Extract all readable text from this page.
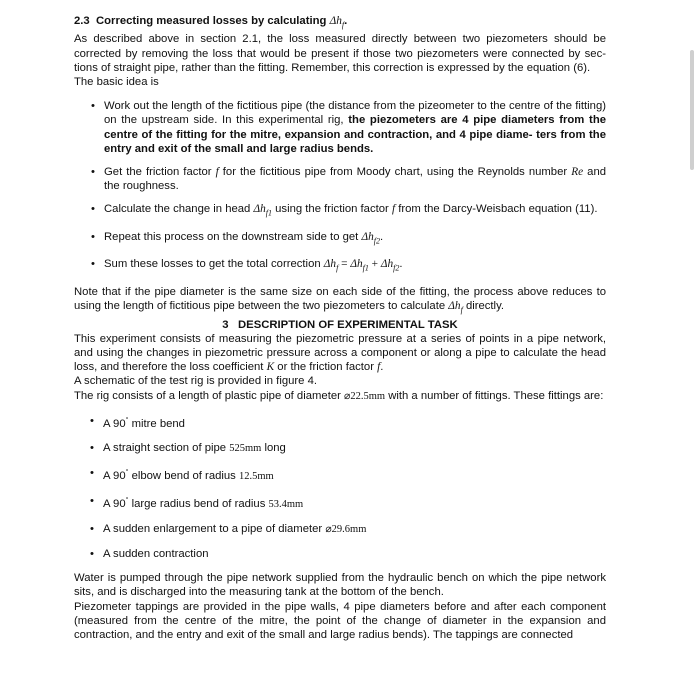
2.3 Correcting measured losses by calculating $\Delta h_f$.

As described above in section 2.1, the loss measured directly between two piezometers should be corrected by removing the loss that would be present if those two piezometers were connected by sec- tions of straight pipe, rather than the fitting. Remember, this correction is expressed by the equation (6).

The basic idea is

• Work out the length of the fictitious pipe (the distance from the pizeometer to the centre of the fitting) on the upstream side. In this experimental rig, the piezometers are 4 pipe diameters from the centre of the fitting for the mitre, expansion and contraction, and 4 pipe diame- ters from the entry and exit of the small and large radius bends.
• Get the friction factor f for the fictitious pipe from Moody chart, using the Reynolds number Re and the roughness.
• Calculate the change in head $\Delta h_{f1}$ using the friction factor f from the Darcy-Weisbach equation (11).
• Repeat this process on the downstream side to get $\Delta h_{f2}$.
• Sum these losses to get the total correction $\Delta h_f = \Delta h_{f1} + \Delta h_{f2}$.

Note that if the pipe diameter is the same size on each side of the fitting, the process above reduces to using the length of fictitious pipe between the two piezometers to calculate $\Delta h_f$ directly.

3   DESCRIPTION OF EXPERIMENTAL TASK

This experiment consists of measuring the piezometric pressure at a series of points in a pipe network, and using the changes in piezometric pressure across a component or along a pipe to calculate the head loss, and therefore the loss coefficient K or the friction factor f.

A schematic of the test rig is provided in figure 4.

The rig consists of a length of plastic pipe of diameter ⌀22.5mm with a number of fittings. These fittings are:

• A 90° mitre bend
• A straight section of pipe 525mm long
• A 90° elbow bend of radius 12.5mm
• A 90° large radius bend of radius 53.4mm
• A sudden enlargement to a pipe of diameter ⌀29.6mm
• A sudden contraction

Water is pumped through the pipe network supplied from the hydraulic bench on which the pipe network sits, and is discharged into the measuring tank at the bottom of the bench.

Piezometer tappings are provided in the pipe walls, 4 pipe diameters before and after each component (measured from the centre of the mitre, the point of the change of diameter in the expansion and contraction, and the entry and exit of the small and large radius bends). The tappings are connected
